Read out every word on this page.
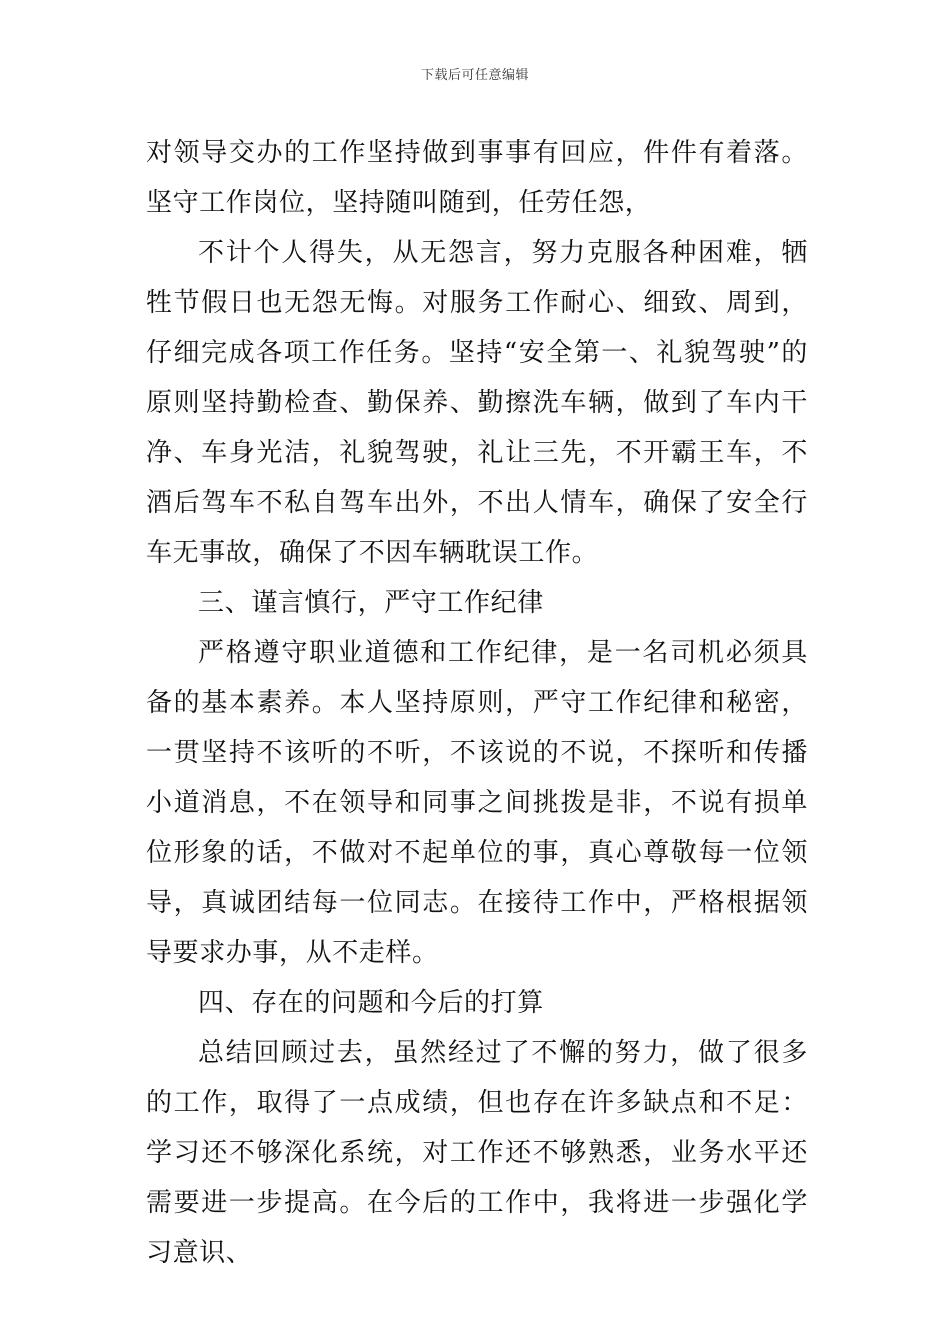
下载后可任意编辑

对领导交办的工作坚持做到事事有回应，件件有着落。坚守工作岗位，坚持随叫随到，任劳任怨，

不计个人得失，从无怨言，努力克服各种困难，牺牲节假日也无怨无悔。对服务工作耐心、细致、周到，仔细完成各项工作任务。坚持“安全第一、礼貌驾驶”的原则坚持勤检查、勤保养、勤擦洗车辆，做到了车内干净、车身光洁，礼貌驾驶，礼让三先，不开霸王车，不酒后驾车不私自驾车出外，不出人情车，确保了安全行车无事故，确保了不因车辆耽误工作。

三、谨言慎行，严守工作纪律

严格遵守职业道德和工作纪律，是一名司机必须具备的基本素养。本人坚持原则，严守工作纪律和秘密，一贯坚持不该听的不听，不该说的不说，不探听和传播小道消息，不在领导和同事之间挑拨是非，不说有损单位形象的话，不做对不起单位的事，真心尊敬每一位领导，真诚团结每一位同志。在接待工作中，严格根据领导要求办事，从不走样。

四、存在的问题和今后的打算

总结回顾过去，虽然经过了不懈的努力，做了很多的工作，取得了一点成绩，但也存在许多缺点和不足：学习还不够深化系统，对工作还不够熟悉，业务水平还需要进一步提高。在今后的工作中，我将进一步强化学习意识、
